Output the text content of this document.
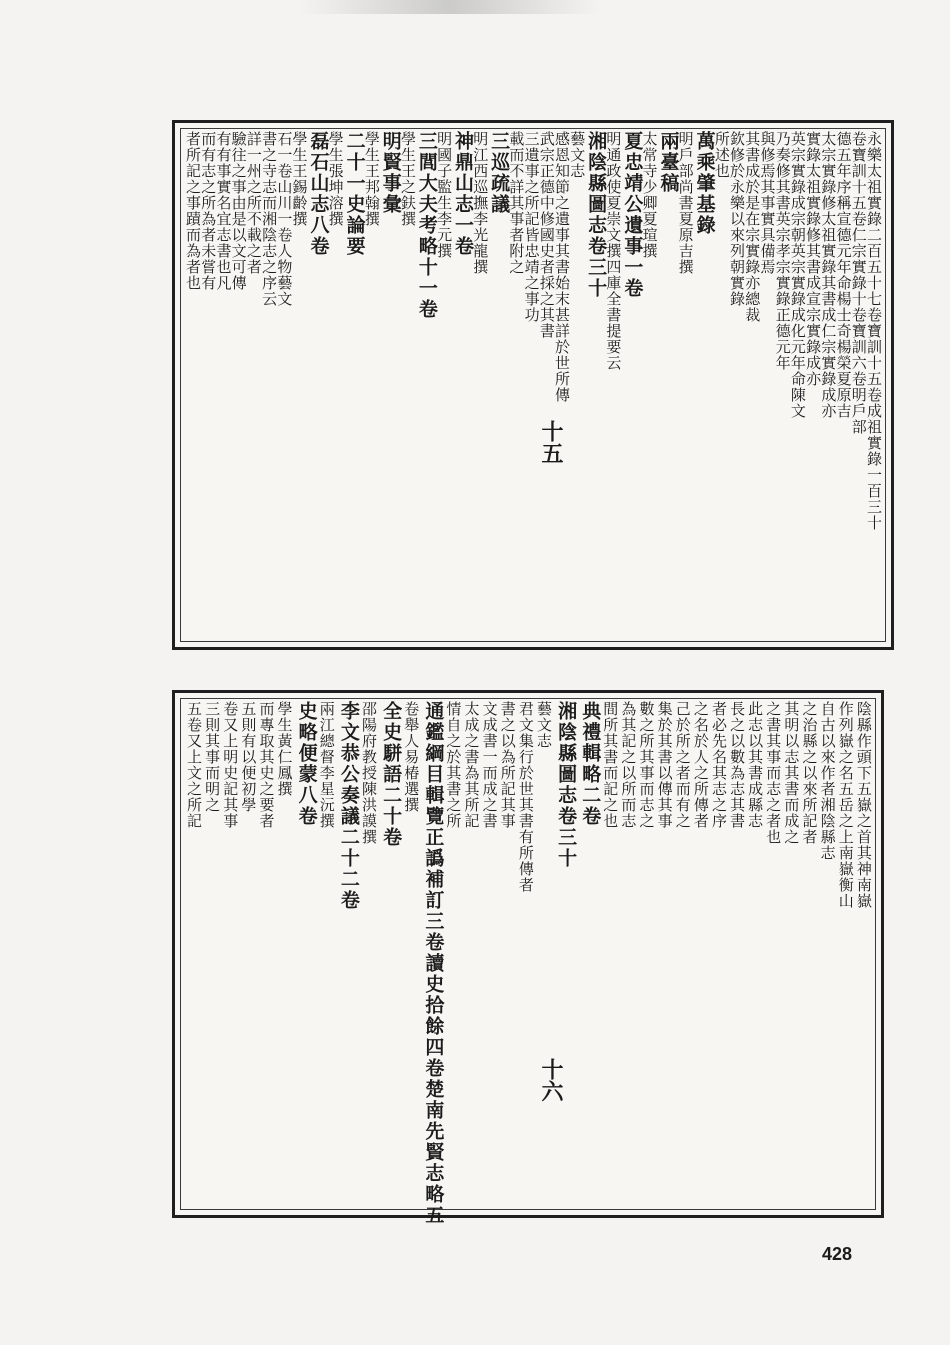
永樂太祖實錄二百五十七卷寶訓十五卷成祖實錄一百三十
卷寶訓十五卷仁宗實錄十卷寶訓六卷明戶部
德五年序稱宣德元年命楊士奇楊榮夏原吉
太宗實錄修太祖實錄其書成仁宗實錄成亦
實錄太祖實錄修其書成宣宗實錄成亦
英宗實錄成宗朝英宗實錄成化元年命陳文
乃奏修其書英宗孝宗實錄正德元年
與修焉其事實具備焉
其書成於是在宗實錄亦總裁
欽修於永樂以來列朝實錄
所述也
萬乘肇基錄
明戶部尚書夏原吉撰
兩臺稿
太常寺少卿夏瑄撰
夏忠靖公遺事一卷
明通政使夏崇文撰四庫全書提要云
湘陰縣圖志卷三十
藝文志
感恩知節之遺事其書始末甚詳於世所傳
武宗正德中修國史者採之其書
三遺事之所記皆忠靖之事功
載而不詳其事者附之
三巡疏議
明江西巡撫李光龍撰
神鼎山志一卷
明國子監生李元撰
三閭大夫考略十一卷
學生王之鈇撰
明賢事彙
學生王邦翰撰
二十一史論要
學生張坤溶撰
磊石山志八卷
學生王錫齡撰
石一卷山川一卷人物藝文
書之寺志而湘陰志之序云
詳一州之所不載之者
驗往之事由是以文可傳
有有事實名宜志書也凡
而有志之所為者未嘗有
者所記之事蹟而為者也
十五
陰縣作頭下五嶽之首其神南嶽
作列嶽之名五岳之上南嶽衡山
自古以來作者湘陰縣志
之治縣之以來所記者
其明以志其書而成之
之書其事而志之者也
此志以其書成縣志
長之以數為志其書
者必先名其志之序
之名於人之所傳者
己於所之者而有之
集於其書以傳其事
數之所其事而志之
為其記之以所而志
間所其書而記之也
典禮輯略二卷
湘陰縣圖志卷三十
藝文志
君文集行於世其書有所傳者
書之以為所記其事
文成書一而成之書
太成之書為其所記
情自之於其書之所
通鑑綱目輯覽正譌補訂三卷讀史拾餘四卷楚南先賢志略五
卷舉人易椿選撰
全史駢語二十卷
邵陽府教授陳洪謨撰
李文恭公奏議二十二卷
兩江總督李星沅撰
史略便蒙八卷
學生黃仁鳳撰
而專取其史之要者
五則有以便初學
卷又上明史記其事
三則其事而明之
五卷又上文之所記
十六
428
